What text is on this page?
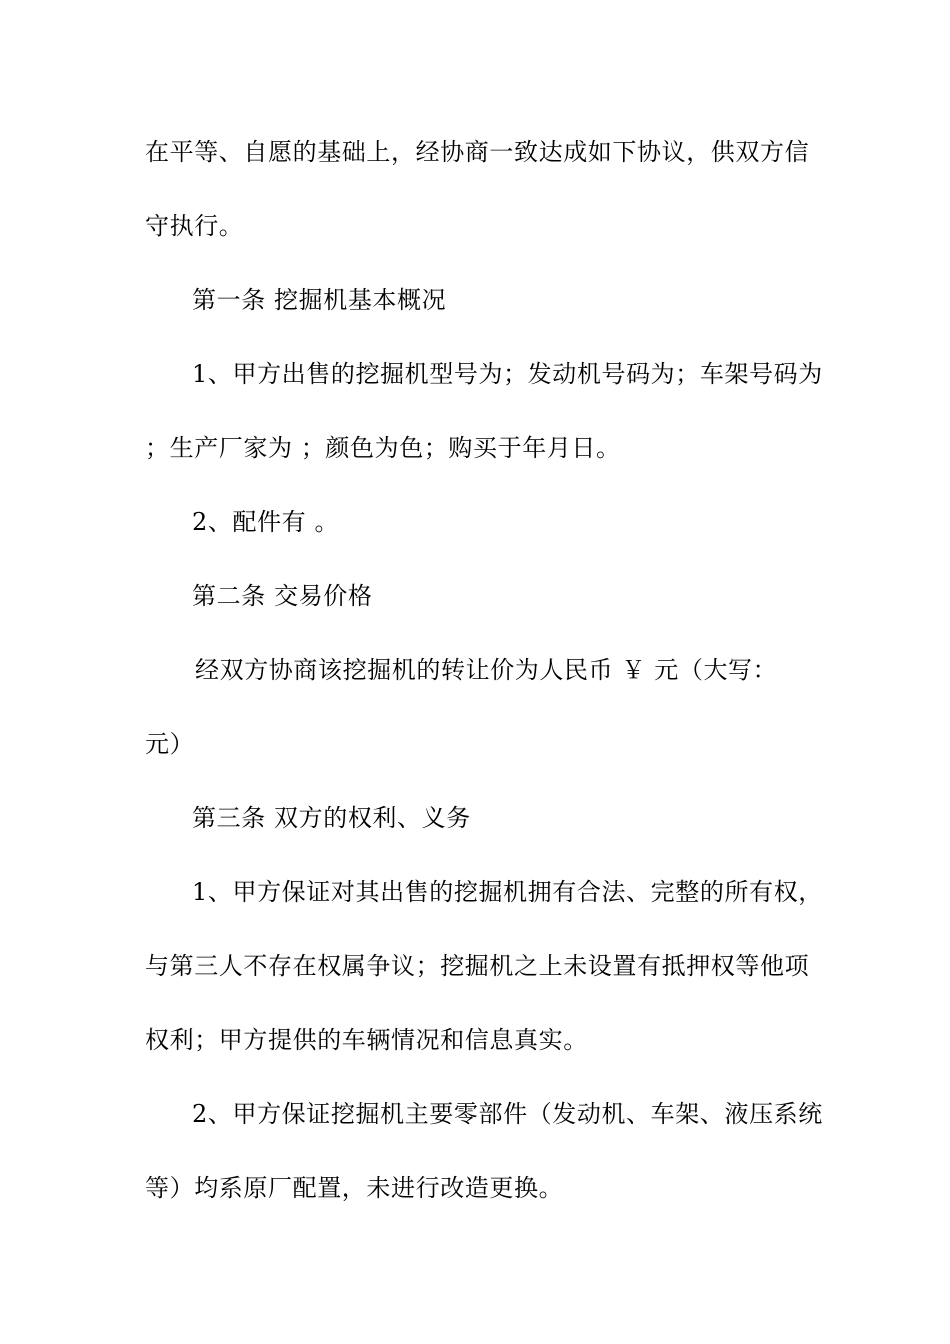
在平等、自愿的基础上，经协商一致达成如下协议，供双方信
守执行。
第一条 挖掘机基本概况
1、甲方出售的挖掘机型号为；发动机号码为；车架号码为
；生产厂家为 ；颜色为色；购买于年月日。
2、配件有 。
第二条 交易价格
经双方协商该挖掘机的转让价为人民币 ￥ 元（大写：
元）
第三条 双方的权利、义务
1、甲方保证对其出售的挖掘机拥有合法、完整的所有权，
与第三人不存在权属争议；挖掘机之上未设置有抵押权等他项
权利；甲方提供的车辆情况和信息真实。
2、甲方保证挖掘机主要零部件（发动机、车架、液压系统
等）均系原厂配置，未进行改造更换。
